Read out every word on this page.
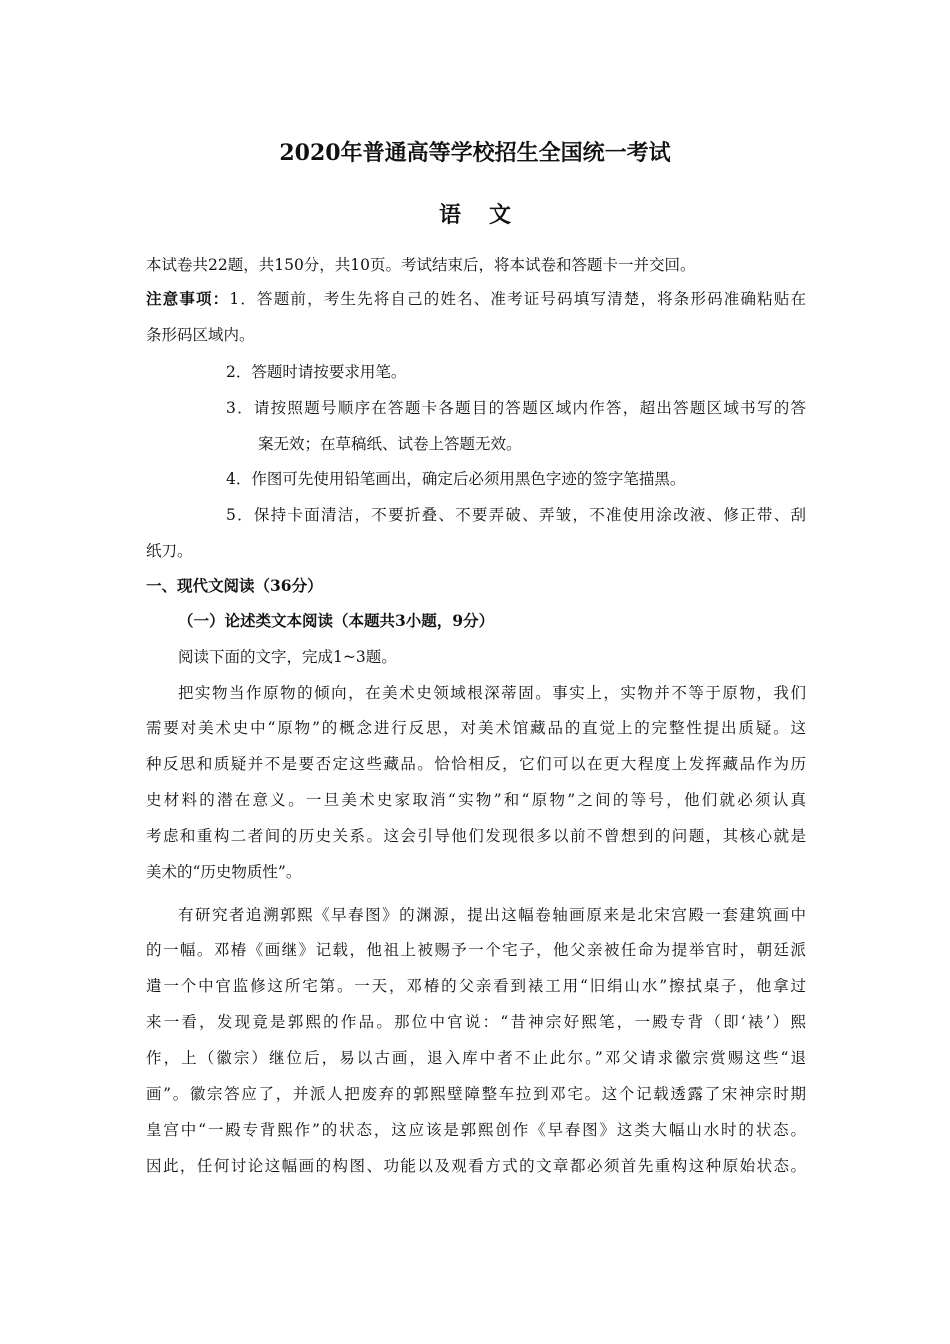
2020年普通高等学校招生全国统一考试
语文
本试卷共22题，共150分，共10页。考试结束后，将本试卷和答题卡一并交回。
注意事项：1．答题前，考生先将自己的姓名、准考证号码填写清楚，将条形码准确粘贴在
条形码区域内。
2．答题时请按要求用笔。
3．请按照题号顺序在答题卡各题目的答题区域内作答，超出答题区域书写的答
案无效；在草稿纸、试卷上答题无效。
4．作图可先使用铅笔画出，确定后必须用黑色字迹的签字笔描黑。
5．保持卡面清洁，不要折叠、不要弄破、弄皱，不准使用涂改液、修正带、刮
纸刀。
一、现代文阅读（36分）
（一）论述类文本阅读（本题共3小题，9分）
阅读下面的文字，完成1~3题。
把实物当作原物的倾向，在美术史领域根深蒂固。事实上，实物并不等于原物，我们
需要对美术史中“原物”的概念进行反思，对美术馆藏品的直觉上的完整性提出质疑。这
种反思和质疑并不是要否定这些藏品。恰恰相反，它们可以在更大程度上发挥藏品作为历
史材料的潜在意义。一旦美术史家取消“实物”和“原物”之间的等号，他们就必须认真
考虑和重构二者间的历史关系。这会引导他们发现很多以前不曾想到的问题，其核心就是
美术的“历史物质性”。
有研究者追溯郭熙《早春图》的渊源，提出这幅卷轴画原来是北宋宫殿一套建筑画中
的一幅。邓椿《画继》记载，他祖上被赐予一个宅子，他父亲被任命为提举官时，朝廷派
遣一个中官监修这所宅第。一天，邓椿的父亲看到裱工用“旧绢山水”擦拭桌子，他拿过
来一看，发现竟是郭熙的作品。那位中官说：“昔神宗好熙笔，一殿专背（即‘裱’）熙
作，上（徽宗）继位后，易以古画，退入库中者不止此尔。”邓父请求徽宗赏赐这些“退
画”。徽宗答应了，并派人把废弃的郭熙壁障整车拉到邓宅。这个记载透露了宋神宗时期
皇宫中“一殿专背熙作”的状态，这应该是郭熙创作《早春图》这类大幅山水时的状态。
因此，任何讨论这幅画的构图、功能以及观看方式的文章都必须首先重构这种原始状态。
